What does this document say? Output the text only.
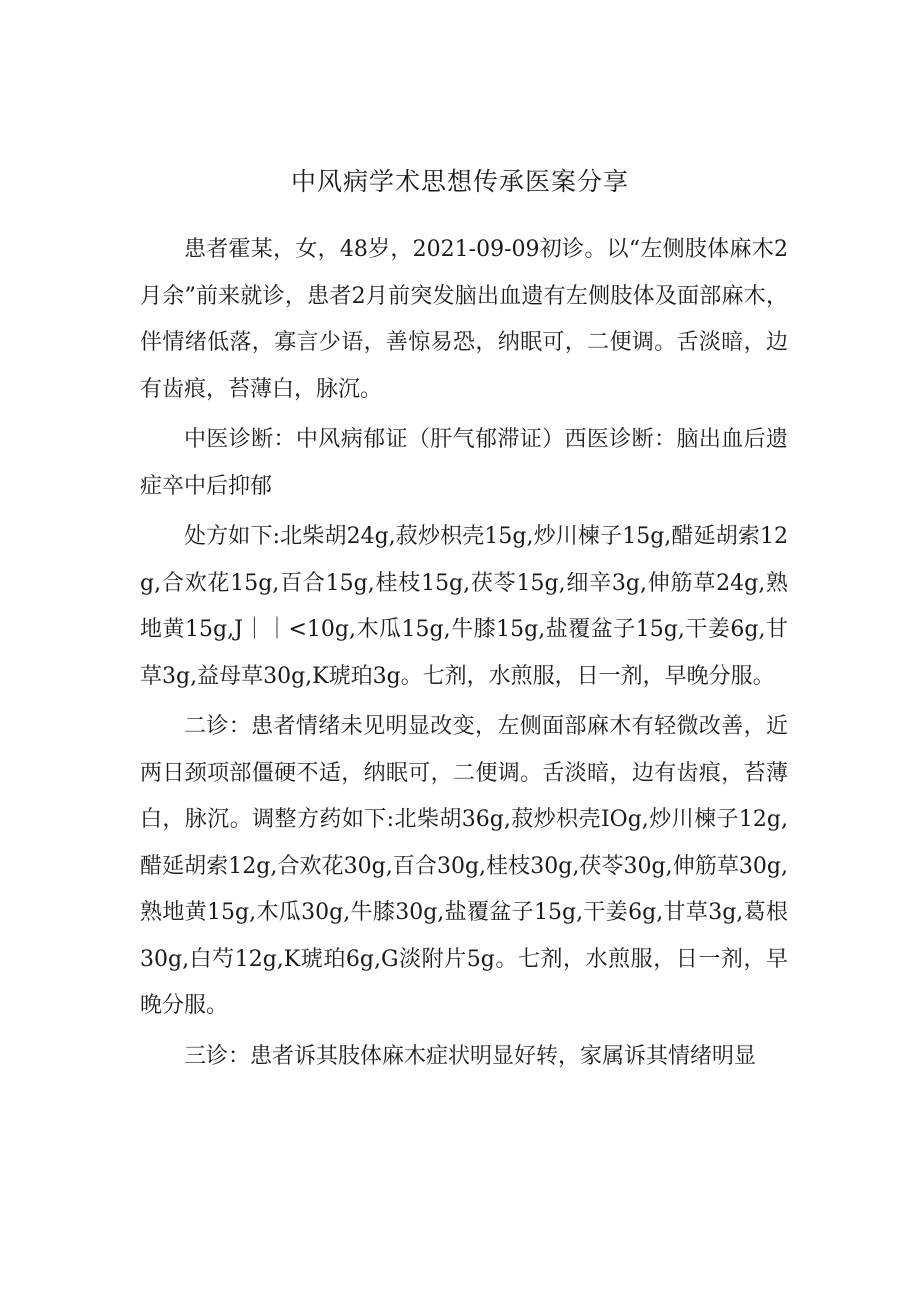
中风病学术思想传承医案分享

患者霍某，女，48岁，2021-09-09初诊。以“左侧肢体麻木2月余”前来就诊，患者2月前突发脑出血遗有左侧肢体及面部麻木，伴情绪低落，寡言少语，善惊易恐，纳眠可，二便调。舌淡暗，边有齿痕，苔薄白，脉沉。

中医诊断：中风病郁证（肝气郁滞证）西医诊断：脑出血后遗症卒中后抑郁

处方如下:北柴胡24g,菽炒枳壳15g,炒川楝子15g,醋延胡索12g,合欢花15g,百合15g,桂枝15g,茯苓15g,细辛3g,伸筋草24g,熟地黄15g,J｜｜<10g,木瓜15g,牛膝15g,盐覆盆子15g,干姜6g,甘草3g,益母草30g,K琥珀3g。七剂，水煎服，日一剂，早晚分服。

二诊：患者情绪未见明显改变，左侧面部麻木有轻微改善，近两日颈项部僵硬不适，纳眠可，二便调。舌淡暗，边有齿痕，苔薄白，脉沉。调整方药如下:北柴胡36g,菽炒枳壳IOg,炒川楝子12g,醋延胡索12g,合欢花30g,百合30g,桂枝30g,茯苓30g,伸筋草30g,熟地黄15g,木瓜30g,牛膝30g,盐覆盆子15g,干姜6g,甘草3g,葛根30g,白芍12g,K琥珀6g,G淡附片5g。七剂，水煎服，日一剂，早晚分服。

三诊：患者诉其肢体麻木症状明显好转，家属诉其情绪明显
